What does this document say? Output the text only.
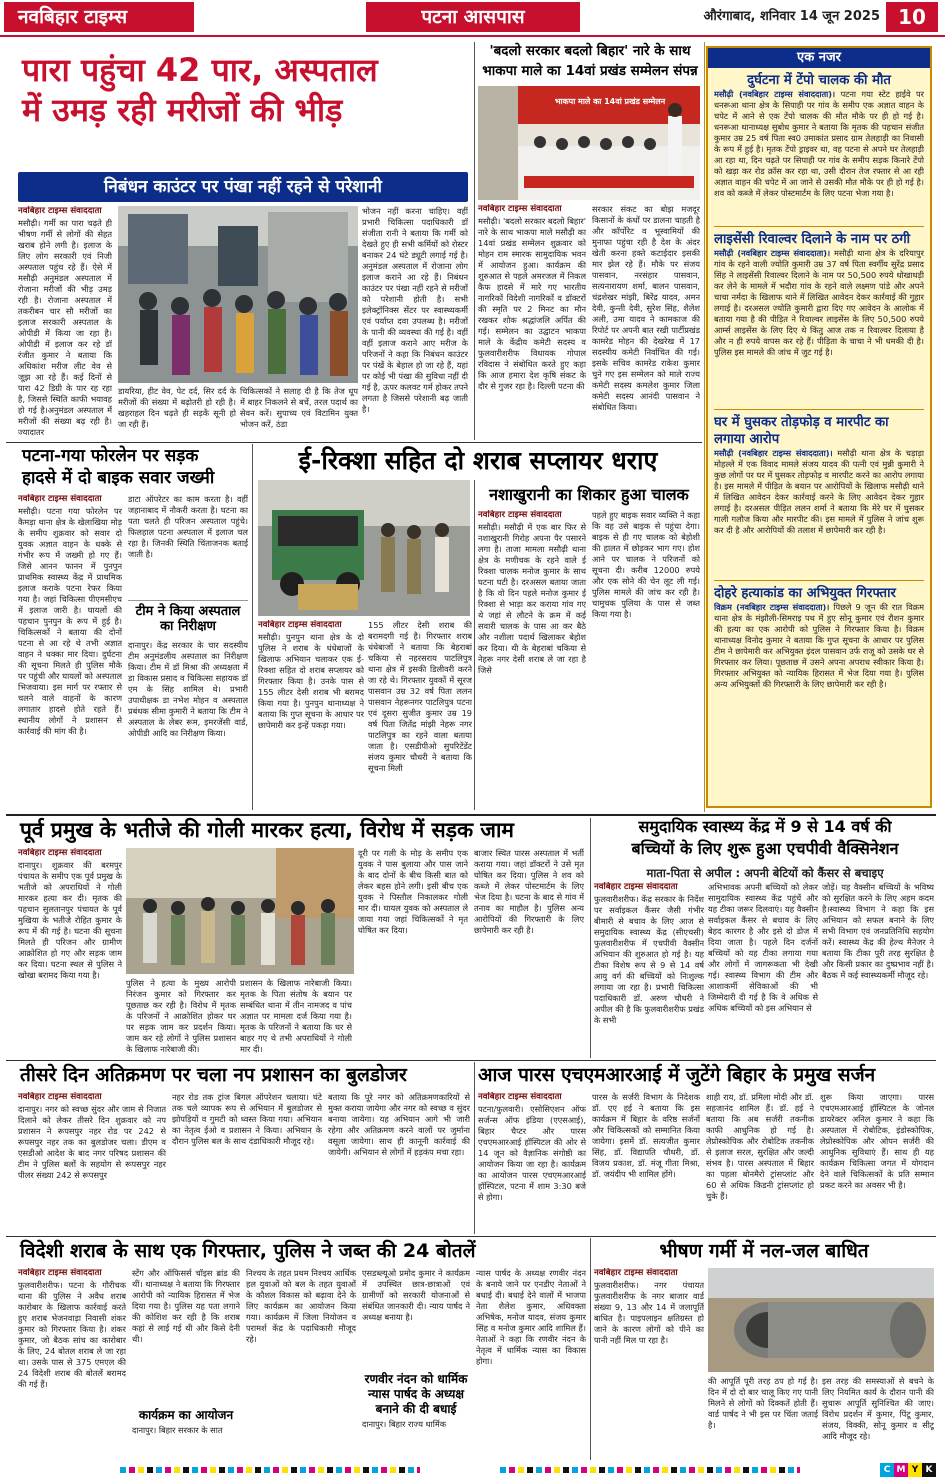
नवबिहार टाइम्स	पटना आसपास	औरंगाबाद, शनिवार 14 जून 2025 10
पारा पहुंचा 42 पार, अस्पताल
में उमड़ रही मरीजों की भीड़
निबंधन काउंटर पर पंखा नहीं रहने से परेशानी
नवबिहार टाइम्स संवाददाता

मसौढ़ी। गर्मी का पारा चढ़ते ही भीषण गर्मी से लोगों की सेहत खराब होने लगी है। इलाज के लिए लोग सरकारी एवं निजी अस्पताल पहुंच रहे हैं। ऐसे में मसौढ़ी अनुमंडल अस्पताल में रोजाना मरीजों की भीड़ उमड़ रही है। रोजाना अस्पताल में तकरीबन चार सौ मरीजों का इलाज सरकारी अस्पताल के ओपीडी में किया जा रहा है। ओपीडी में इलाज कर रहे डॉ रंजीत कुमार ने बताया कि अधिकांश मरीज लीट वेव से जूझ आ रहे हैं। कई दिनों से पारा 42 डिग्री के पार रह रहा है, जिससे स्थिति काफी भयावह हो गई है।अनुमंडल अस्पताल में मरीजों की संख्या बढ़ रही है। ज्यादातर

डायरिया, हीट वेव, पेट दर्द, सिर दर्द के मरीजों की संख्या में बढ़ोतरी हो रही है। खहराहल दिन चढ़ते ही सड़कें सूनी हो जा रही हैं।

चिकित्सकों ने सलाह दी है कि तेज धूप में बाहर निकलने से बचें, तरल पदार्थ का सेवन करें। सुपाच्य एवं विटामिन युक्त भोजन करें, ठंडा

भोजन नहीं करना चाहिए। वहीं प्रभारी चिकित्सा पदाधिकारी डॉ संजीता रानी ने बताया कि गर्मी को देखते हुए ही सभी कर्मियों को रोस्टर बनाकर 24 घंटे ड्यूटी लगाई गई है। अनुमंडल अस्पताल में रोजाना लोग इलाज कराने आ रहे हैं। निबंधन काउंटर पर पंखा नहीं रहने से मरीजों को परेशानी होती है। सभी इलेक्ट्रॉनिक्स सेंटर पर स्वास्थ्यकर्मी एवं पर्याप्त दवा उपलब्ध है। मरीजों के पानी की व्यवस्था की गई है। वहीं वहीं इलाज कराने आए मरीज के परिजनों ने कहा कि निबंधन काउंटर पर पंखें के बेहाल हो जा रहे हैं, यहां पर कोई भी पंखा की सुविधा नहीं दी गई है, ऊपर कलवट गर्म होकर तपने लगता है जिससे परेशानी बढ़ जाती है।

'बदलो सरकार बदलो बिहार' नारे के साथ
भाकपा माले का 14वां प्रखंड सम्मेलन संपन्न
भाकपा माले का 14वां प्रखंड सम्मेलन
नवबिहार टाइम्स संवाददाता

मसौढ़ी। 'बदलो सरकार बदलो बिहार' नारे के साथ भाकपा माले मसौढ़ी का 14वां प्रखंड सम्मेलन शुक्रवार को मोहन राम स्मारक सामुदायिक भवन में आयोजन हुआ। कार्यक्रम की शुरुआत से पहले अमरजल में निकल कैफ हादसे में मारे गए भारतीय नागरिकों विदेशी नागरिकों व डॉक्टरों की स्मृति पर 2 मिनट का मौन रखकर शोक श्रद्धांजलि अर्पित की गई। सम्मेलन का उद्घाटन भाकपा माले के केंद्रीय कमेटी सदस्य व फुलवारीशरीफ विधायक गोपाल रविदास ने संबोधित करते हुए कहा कि आज हमारा देश कृषि संकट के दौर से गुजर रहा है। दिल्ली पटना की

सरकार संकट का बोझ मजदूर किसानों के कंधों पर डालना चाहती है और कॉर्पोरेट व भूस्वामियों की मुनाफा पहुंचा रही है देश के अंदर खेती करना हक्ते कटाईदार इसकी मार झेल रहे हैं। मौके पर संजय पासवान, नरसंहार पासवान, सत्यनारायण शर्मा, बालन पासवान, चंद्रशेखर मांझी, बिरेंद्र यादव, अमन देवी, कुन्ती देवी, सुरेश सिंह, शैलेश अली, उमा यादव ने कामकाज की रिपोर्ट पर अपनी बात रखी पार्टीप्रखंड कामरेड मोहन की देखरेख में 17 सदस्यीय कमेटी निर्वाचित की गई। इसके सचिव कामरेड राकेश कुमार चुने गए इस सम्मेलन को माले राज्य कमेटी सदस्य कमलेश कुमार जिला कमेटी सदस्य आनंदी पासवान ने संबोधित किया।

एक नजर
दुर्घटना में टेंपो चालक की मौत
मसौढ़ी (नवबिहार टाइम्स संवाददाता)। पटना गया स्टेट हाईवे पर धनरूआ थाना क्षेत्र के सिपाही पर गांव के समीप एक अज्ञात वाहन के चपेट में आने से एक टेंपो चालक की मौत मौके पर ही हो गई है। धनरूआ थानाध्यक्ष सुबोध कुमार ने बताया कि मृतक की पहचान संजीत कुमार उम्र 25 वर्ष पिता स्व0 उमाकांत प्रसाद ग्राम तेलहाड़ी का निवासी के रूप में हुई है। मृतक टेंपो ड्राइवर था, वह पटना से अपने घर तेलहाड़ी आ रहा था, दिन चढ़ते पर सिपाही पर गांव के समीप सड़क किनारे टेंपो को खड़ा कर रोड क्रॉस कर रहा था, उसी दौरान तेज रफ्तार से आ रही अज्ञात वाहन की चपेट में आ जाने से उसकी मौत मौके पर ही हो गई है। शव को कब्जे में लेकर पोस्टमार्टम के लिए पटना भेजा गया है।
लाइसेंसी रिवाल्वर दिलाने के नाम पर ठगी
मसौढ़ी (नवबिहार टाइम्स संवाददाता)। मसौढ़ी थाना क्षेत्र के दरियापुर गांव के रहने वाली ज्योति कुमारी उम्र 37 वर्ष पिता स्वर्गीय सुरेंद्र प्रसाद सिंह ने लाइसेंसी रिवाल्वर दिलाने के नाम पर 50,500 रुपये धोखाधड़ी कर लेने के मामले में भदौरा गांव के रहने वाले लक्ष्मण पांडे और अपने चाचा नर्मदा के खिलाफ थाने में लिखित आवेदन देकर कार्रवाई की गुहार लगाई है। दरअसल ज्योति कुमारी द्वारा दिए गए आवेदन के आलोक में बताया गया है की पीड़ित ने रिवाल्वर लाइसेंस के लिए 50,500 रुपये आर्म्स लाइसेंस के लिए दिए थे किंतु आज तक न रिवाल्वर दिलाया है और न ही रुपये वापस कर रहे हैं। पीड़िता के चाचा ने भी धमकी दी है। पुलिस इस मामले की जांच में जुट गई है।
घर में घुसकर तोड़फोड़ व मारपीट का लगाया आरोप
मसौढ़ी (नवबिहार टाइम्स संवाददाता)। मसौढ़ी थाना क्षेत्र के चड़ाड़ा मोहल्ले में एक विवाद मामले संजय यादव की पत्नी एवं मुन्नी कुमारी ने कुछ लोगों पर घर में घुसकर तोड़फोड़ व मारपीट करने का आरोप लगाया है। इस मामले में पीड़ित के बयान पर आरोपियों के खिलाफ मसौढ़ी थाने में लिखित आवेदन देकर कार्रवाई करने के लिए आवेदन देकर गुहार लगाई है। दरअसल पीड़ित ललन शर्मा ने बताया कि मेरे घर में घुसकर गाली गलौज किया और मारपीट की। इस मामले में पुलिस ने जांच शुरू कर दी है और आरोपियों की तलाश में छापेमारी कर रही है।
दोहरे हत्याकांड का अभियुक्त गिरफ्तार
विक्रम (नवबिहार टाइम्स संवाददाता)। पिछले 9 जून की रात विक्रम थाना क्षेत्र के मंझौली-सिमराइ पथ में हुए सोनू कुमार एवं रौशन कुमार की हत्या का एक आरोपी को पुलिस ने गिरफ्तार किया है। विक्रम थानाध्यक्ष विनोद कुमार ने बताया कि गुप्त सूचना के आधार पर पुलिस टीम ने छापेमारी कर अभियुक्त इंदल पासवान उर्फ राजू को उसके घर से गिरफ्तार कर लिया। पूछताछ में उसने अपना अपराध स्वीकार किया है। गिरफ्तार अभियुक्त को न्यायिक हिरासत में भेज दिया गया है। पुलिस अन्य अभियुक्तों की गिरफ्तारी के लिए छापेमारी कर रही है।
पटना-गया फोरलेन पर सड़क
हादसे में दो बाइक सवार जख्मी
नवबिहार टाइम्स संवाददाता

मसौढ़ी। पटना गया फोरलेन पर कैमड़ा थाना क्षेत्र के खेलाखिया मोड़ के समीप शुक्रवार को सवार दो युवक अज्ञात वाहन के धक्के से गंभीर रूप में जख्मी हो गए हैं। जिसे आनन फानन में पुनपुन प्राथमिक स्वास्थ्य केंद्र में प्राथमिक इलाज कराके पटना रेफर किया गया है। जहां चिकित्सा पीएमसीएच में इलाज जारी है। घायलों की पहचान पुनपुन के रूप में हुई है। चिकित्सकों ने बताया की दोनों पटना से आ रहे थे तभी अज्ञात वाहन ने धक्का मार दिया। दुर्घटना की सूचना मिलते ही पुलिस मौके पर पहुंची और घायलों को अस्पताल भिजवाया। इस मार्ग पर रफ्तार से चलने वाले वाहनों के कारण लगातार हादसे होते रहते हैं। स्थानीय लोगों ने प्रशासन से कार्रवाई की मांग की है।

डाटा ऑपरेटर का काम करता है। वहीं जहानाबाद में नौकरी करता है। घटना का पता चलते ही परिजन अस्पताल पहुंचे। फिलहाल पटना अस्पताल में इलाज चल रहा है। जिनकी स्थिति चिंताजनक बताई जाती है।

टीम ने किया अस्पताल का निरीक्षण

दानापुर। केंद्र सरकार के चार सदस्यीय टीम अनुमंडलीय अस्पताल का निरीक्षण किया। टीम में डॉ मिश्रा की अध्यक्षता में डा विकास प्रसाद व चिकित्सा सहायक डॉ एम के सिंह शामिल थे। प्रभारी उपाधीक्षक डा नभेश मोहन व अस्पताल प्रबंधक सीमा कुमारी ने बताया कि टीम ने अस्पताल के लेबर रूम, इमरजेंसी वार्ड, ओपीडी आदि का निरीक्षण किया।

ई-रिक्शा सहित दो शराब सप्लायर धराए
नवबिहार टाइम्स संवाददाता

मसौढ़ी। पुनपुन थाना क्षेत्र के दो पुलिस ने शराब के धंधेबाजों के खिलाफ अभियान चलाकर एक ई-रिक्शा सहित दो शराब सप्लायर को गिरफ्तार किया है। उनके पास से 155 लीटर देसी शराब भी बरामद किया गया है। पुनपुन थानाध्यक्ष ने बताया कि गुप्त सूचना के आधार पर छापेमारी कर इन्हें पकड़ा गया।

155 लीटर देसी शराब की बरामदगी गई है। गिरफ्तार शराब धंधेबाजों ने बताया कि बेहराबां चकिया से नहरसराय पाटलिपुत्र थाना क्षेत्र में इसकी डिलीवरी करने जा रहे थे। गिरफ्तार युवकों में सूरज पासवान उम्र 32 वर्ष पिता ललन पासवान नेहरूनगर पाटलिपुत्र पटना एवं दूसरा सुजीत कुमार उम्र 19 वर्ष पिता जितेंद्र मांझी नेहरू नगर पाटलिपुत्र का रहने वाला बताया जाता है। एसडीपीओ सुपरिटेंडेंट संजय कुमार चौधरी ने बताया कि सूचना मिली

नशाखुरानी का शिकार हुआ चालक
नवबिहार टाइम्स संवाददाता

मसौढ़ी। मसौढ़ी में एक बार फिर से नशाखुरानी गिरोह अपना पैर पसारने लगा है। ताजा मामला मसौढ़ी थाना क्षेत्र के मणीचक के रहने वाले ई रिक्शा चालक मनोज कुमार के साथ घटना घटी है। दरअसल बताया जाता है कि वो दिन पहले मनोज कुमार ई रिक्शा से भाड़ा कर कराया गांव गए थे जहां से लौटने के क्रम में कई सवारी चालक के पास आ कर बैठे और नशीला पदार्थ खिलाकर बेहोश कर दिया। थी के बेहराबां चकिया से नेहरू नगर देसी शराब ले जा रहा है जिसे

पहले हुए बाइक सवार व्यक्ति ने कहा कि वह उसे बाइक से पहुंचा देगा। बाइक से ही गए चालक को बेहोशी की हालत में छोड़कर भाग गए। होश आने पर चालक ने परिजनों को सूचना दी। करीब 12000 रुपये और एक सोने की चेन लूट ली गई। पुलिस मामले की जांच कर रही है। चामुचक पुलिया के पास से जब्त किया गया है।

पूर्व प्रमुख के भतीजे की गोली मारकर हत्या, विरोध में सड़क जाम
नवबिहार टाइम्स संवाददाता

दानापुर। शुक्रवार की बरमपुर पंचायत के समीप एक पूर्व प्रमुख के भतीजे को अपराधियों ने गोली मारकर हत्या कर दी। मृतक की पहचान सुलतानपुर पंचायत के पूर्व मुखिया के भतीजे रोहित कुमार के रूप में की गई है। घटना की सूचना मिलते ही परिजन और ग्रामीण आक्रोशित हो गए और सड़क जाम कर दिया। घटना स्थल से पुलिस ने खोखा बरामद किया गया है।

पुलिस ने हत्या के मुख्य आरोपी निरंजन कुमार को गिरफ्तार कर पूछताछ कर रही है। विरोध में मृतक के परिजनों ने आक्रोशित होकर घर पर सड़क जाम कर प्रदर्शन किया। जाम कर रहे लोगों ने पुलिस प्रशासन के खिलाफ नारेबाजी की।

प्रशासन के खिलाफ नारेबाजी किया। मृतक के पिता संतोष के बयान पर सम्बंधित थाना में तीन नामजद व पांच अज्ञात पर मामला दर्ज किया गया है। मृतक के परिजनों ने बताया कि घर से बाहर गए थे तभी अपराधियों ने गोली मार दी।

दूरी पर गली के मोड़ के समीप एक युवक ने पास बुलाया और पास जाने के बाद दोनों के बीच किसी बात को लेकर बहस होने लगी। इसी बीच एक युवक ने पिस्तौल निकालकर गोली मार दी। घायल युवक को अस्पताल ले जाया गया जहां चिकित्सकों ने मृत घोषित कर दिया।

बाजार स्थित पारस अस्पताल में भर्ती कराया गया। जहां डॉक्टरों ने उसे मृत घोषित कर दिया। पुलिस ने शव को कब्जे में लेकर पोस्टमार्टम के लिए भेज दिया है। घटना के बाद से गांव में तनाव का माहौल है। पुलिस अन्य आरोपियों की गिरफ्तारी के लिए छापेमारी कर रही है।

समुदायिक स्वास्थ्य केंद्र में 9 से 14 वर्ष की
बच्चियों के लिए शुरू हुआ एचपीवी वैक्सिनेशन
माता-पिता से अपील : अपनी बेटियों को कैंसर से बचाइए
नवबिहार टाइम्स संवाददाता

फुलवारीशरीफ। केंद्र सरकार के निर्देश पर सर्वाइकल कैंसर जैसी गंभीर बीमारी से बचाव के लिए आज से समुदायिक स्वास्थ्य केंद्र (सीएचसी) फुलवारीशरीफ में एचपीवी वैक्सीन अभियान की शुरुआत हो गई है। यह टीका विशेष रूप से 9 से 14 वर्ष आयु वर्ग की बच्चियों को निःशुल्क लगाया जा रहा है। प्रभारी चिकित्सा पदाधिकारी डॉ. अरुण चौधरी ने अपील की है कि फुलवारीशरीफ प्रखंड के सभी

अभिभावक अपनी बच्चियों को लेकर सामुदायिक स्वास्थ्य केंद्र पहुंचें और यह टीका जरूर दिलवाएं। यह वैक्सीन सर्वाइकल कैंसर से बचाव के लिए बेहद कारगर है और इसे दो डोज में दिया जाता है। पहले दिन दर्जनों बच्चियों को यह टीका लगाया गया और लोगों में जागरूकता भी देखी गई। स्वास्थ्य विभाग की टीम और आशाकर्मी सेविकाओं की भी जिम्मेदारी दी गई है कि वे अधिक से अधिक बच्चियों को इस अभियान से

जोड़ें। यह वैक्सीन बच्चियों के भविष्य को सुरक्षित करने के लिए अहम कदम है।स्वास्थ्य विभाग ने कहा कि इस अभियान को सफल बनाने के लिए सभी विभाग एवं जनप्रतिनिधि सहयोग करें। स्वास्थ्य केंद्र की हेल्थ मैनेजर ने बताया कि टीका पूरी तरह सुरक्षित है और किसी प्रकार का दुष्प्रभाव नहीं है। बैठक में कई स्वास्थ्यकर्मी मौजूद रहे।

तीसरे दिन अतिक्रमण पर चला नप प्रशासन का बुलडोजर
नवबिहार टाइम्स संवाददाता

दानापुर। नगर को स्वच्छ सुंदर और जाम से निजात दिलाने को लेकर तीसरे दिन शुक्रवार को नप प्रशासन ने रूपसपुर नहर रोड पर 242 से रूपसपुर नहर तक का बुलडोजर चला। डीएम व एसडीओ आदेश के बाद नगर परिषद प्रशासन की टीम ने पुलिस बलों के सहयोग से रूपसपुर नहर पीलर संख्या 242 से रूपसपुर

नहर रोड तक ट्रांज बिगल ऑपरेशन चलाया। घंटे तक चले व्यापक रूप से अभियान में बुलडोजर से झोपड़ियों व गुमटी को ध्वस्त किया गया। अभियान का नेतृत्व ईओ व प्रशासन ने किया। अभियान के दौरान पुलिस बल के साथ दंडाधिकारी मौजूद रहे।

बताया कि पूरे नगर को अतिक्रमणकारियों से मुक्त कराया जायेगा और नगर को स्वच्छ व सुंदर बनाया जायेगा। यह अभियान आगे भी जारी रहेगा और अतिक्रमण करने वालों पर जुर्माना वसूला जायेगा। साथ ही कानूनी कार्रवाई की जायेगी। अभियान से लोगों में हड़कंप मचा रहा।

आज पारस एचएमआरआई में जुटेंगे बिहार के प्रमुख सर्जन
नवबिहार टाइम्स संवाददाता

पटना/फुलवारी। एसोसिएशन ऑफ सर्जन्स ऑफ इंडिया (एएसआई), बिहार चैप्टर और पारस एचएमआरआई हॉस्पिटल की ओर से 14 जून को वैज्ञानिक संगोष्ठी का आयोजन किया जा रहा है। कार्यक्रम का आयोजन पारस एचएमआरआई हॉस्पिटल, पटना में शाम 3:30 बजे से होगा।

पारस के सर्जरी विभाग के निदेशक डॉ. एए हई ने बताया कि इस कार्यक्रम में बिहार के वरिष्ठ सर्जनों और चिकित्सकों को सम्मानित किया जायेगा। इसमें डॉ. सत्यजीत कुमार सिंह, डॉ. विद्यापति चौधरी, डॉ. विजय प्रकाश, डॉ. मंजू गीता मिश्रा, डॉ. जयंदीप भी शामिल होंगे।

शाही राय, डॉ. प्रमिला मोदी और डॉ. सहजानंद शामिल हैं। डॉ. हई ने बताया कि अब सर्जरी तकनीक काफी आधुनिक हो गई है। लेप्रोस्कोपिक और रोबोटिक तकनीक से इलाज सरल, सुरक्षित और जल्दी संभव है। पारस अस्पताल में बिहार का पहला बोनमैरो ट्रांसप्लांट और 60 से अधिक किडनी ट्रांसप्लांट हो चुके हैं।

शुरू किया जाएगा। पारस एचएमआरआई हॉस्पिटल के जोनल डायरेक्टर अनिल कुमार ने कहा कि अस्पताल में रोबोटिक, इंडोस्कोपिक, लेप्रोस्कोपिक और ओपन सर्जरी की आधुनिक सुविधाएं हैं। साथ ही यह कार्यक्रम चिकित्सा जगत में योगदान देने वाले चिकित्सकों के प्रति सम्मान प्रकट करने का अवसर भी है।

विदेशी शराब के साथ एक गिरफ्तार, पुलिस ने जब्त की 24 बोतलें
नवबिहार टाइम्स संवाददाता

फुलवारीशरीफ। पटना के गौरीचक थाना की पुलिस ने अवैध शराब कारोबार के खिलाफ कार्रवाई करते हुए शराब भेजनवाड़ा निवासी शंकर कुमार को गिरफ्तार किया है। शंकर कुमार, जो बैठक सांच का कारोबार के लिए, 24 बोतल शराब ले जा रहा था। उसके पास से 375 एमएल की 24 विदेशी शराब की बोतलें बरामद की गई हैं।

स्टेंग और ऑफिसर्स चॉइस ब्रांड की थीं। थानाध्यक्ष ने बताया कि गिरफ्तार आरोपी को न्यायिक हिरासत में भेज दिया गया है। पुलिस यह पता लगाने की कोशिश कर रही है कि शराब कहां से लाई गई थी और किसे देनी थी।

कार्यक्रम का आयोजन

दानापुर। बिहार सरकार के सात

निश्चय के तहत प्रथम निश्चय आर्थिक हल युवाओं को बल के तहत युवाओं के कौशल विकास को बढ़ावा देने के लिए कार्यक्रम का आयोजन किया गया। कार्यक्रम में जिला नियोजन व परामर्श केंद्र के पदाधिकारी मौजूद रहे।

एसडब्ल्यूओ प्रमोद कुमार ने कार्यक्रम में उपस्थित छात्र-छात्राओं एवं ग्रामीणों को सरकारी योजनाओं से संबंधित जानकारी दी। न्याय पार्षद ने अध्यक्ष बनाया है।

रणवीर नंदन को धार्मिक न्यास पार्षद के अध्यक्ष बनाने की दी बधाई

दानापुर। बिहार राज्य धार्मिक

न्यास पार्षद के अध्यक्ष रणवीर नंदन के बनाये जाने पर एनडीए नेताओं ने बधाई दी। बधाई देने वालों में भाजपा नेता शैलेश कुमार, अधिवक्ता अभिषेक, मनोज यादव, संजय कुमार सिंह व मनोज कुमार आदि शामिल हैं। नेताओं ने कहा कि रणवीर नंदन के नेतृत्व में धार्मिक न्यास का विकास होगा।

भीषण गर्मी में नल-जल बाधित
नवबिहार टाइम्स संवाददाता

फुलवारीशरीफ। नगर पंचायत फुलवारीशरीफ के नगर बाजार वार्ड संख्या 9, 13 और 14 में जलापूर्ति बाधित है। पाइपलाइन क्षतिग्रस्त हो जाने के कारण लोगों को पीने का पानी नहीं मिल पा रहा है।

की आपूर्ति पूरी तरह ठप हो गई है। दिन में दो दो बार चालू किए गए पानी मिलने से लोगों को दिक्कतें होती हैं। वार्ड पार्षद ने भी इस पर चिंता जताई है।

इस तरह की समस्याओं से बचने के लिए नियमित कार्य के दौरान पानी की सुचारू आपूर्ति सुनिश्चित की जाए। विरोध प्रदर्शन में कुमार, पिंटू कुमार, संजय, विक्की, सोनू कुमार व सीटू आदि मौजूद रहे।

C M Y K
